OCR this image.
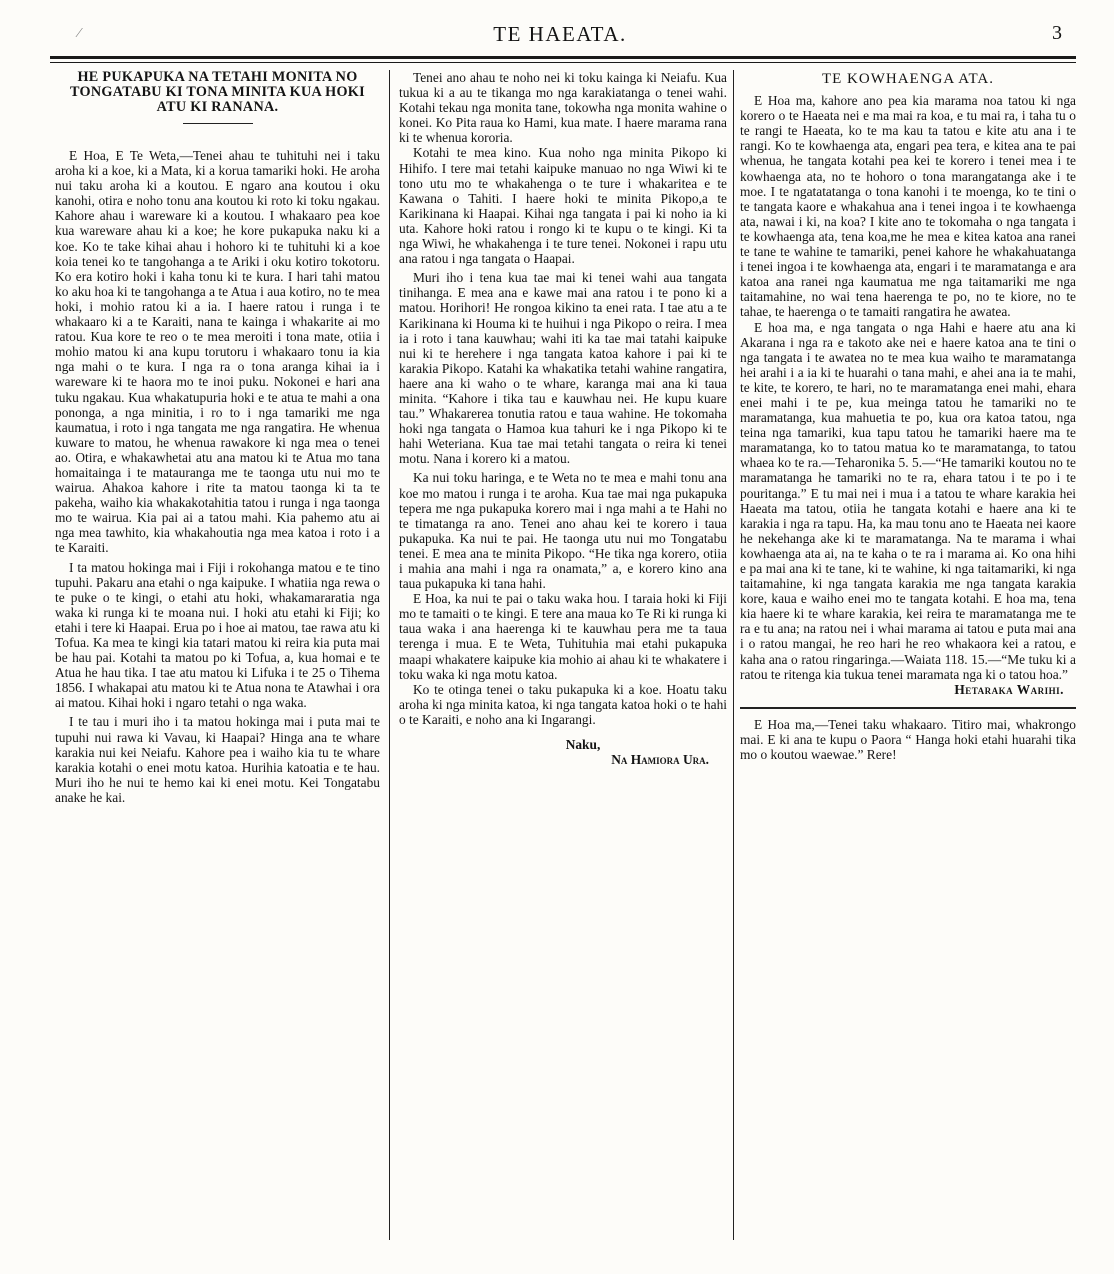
⁄	TE HAEATA.	3
HE PUKAPUKA NA TETAHI MONITA NO TONGATABU KI TONA MINITA KUA HOKI ATU KI RANANA.

E Hoa, E Te Weta,—Tenei ahau te tuhituhi nei i taku aroha ki a koe, ki a Mata, ki a korua tamariki hoki. He aroha nui taku aroha ki a koutou. E ngaro ana koutou i oku kanohi, otira e noho tonu ana koutou ki roto ki toku ngakau. Kahore ahau i wareware ki a koutou. I whakaaro pea koe kua wareware ahau ki a koe; he kore pukapuka naku ki a koe. Ko te take kihai ahau i hohoro ki te tuhituhi ki a koe koia tenei ko te tangohanga a te Ariki i oku kotiro tokotoru. Ko era kotiro hoki i kaha tonu ki te kura. I hari tahi matou ko aku hoa ki te tangohanga a te Atua i aua kotiro, no te mea hoki, i mohio ratou ki a ia. I haere ratou i runga i te whakaaro ki a te Karaiti, nana te kainga i whakarite ai mo ratou. Kua kore te reo o te mea meroiti i tona mate, otiia i mohio matou ki ana kupu torutoru i whakaaro tonu ia kia nga mahi o te kura. I nga ra o tona aranga kihai ia i wareware ki te haora mo te inoi puku. Nokonei e hari ana tuku ngakau. Kua whakatupuria hoki e te atua te mahi a ona pononga, a nga minitia, i ro to i nga tamariki me nga kaumatua, i roto i nga tangata me nga rangatira. He whenua kuware to matou, he whenua rawakore ki nga mea o tenei ao. Otira, e whakawhetai atu ana matou ki te Atua mo tana homaitainga i te matauranga me te taonga utu nui mo te wairua. Ahakoa kahore i rite ta matou taonga ki ta te pakeha, waiho kia whakakotahitia tatou i runga i nga taonga mo te wairua. Kia pai ai a tatou mahi. Kia pahemo atu ai nga mea tawhito, kia whakahoutia nga mea katoa i roto i a te Karaiti.

I ta matou hokinga mai i Fiji i rokohanga matou e te tino tupuhi. Pakaru ana etahi o nga kaipuke. I whatiia nga rewa o te puke o te kingi, o etahi atu hoki, whakamararatia nga waka ki runga ki te moana nui. I hoki atu etahi ki Fiji; ko etahi i tere ki Haapai. Erua po i hoe ai matou, tae rawa atu ki Tofua. Ka mea te kingi kia tatari matou ki reira kia puta mai be hau pai. Kotahi ta matou po ki Tofua, a, kua homai e te Atua he hau tika. I tae atu matou ki Lifuka i te 25 o Tihema 1856. I whakapai atu matou ki te Atua nona te Atawhai i ora ai matou. Kihai hoki i ngaro tetahi o nga waka.

I te tau i muri iho i ta matou hokinga mai i puta mai te tupuhi nui rawa ki Vavau, ki Haapai? Hinga ana te whare karakia nui kei Neiafu. Kahore pea i waiho kia tu te whare karakia kotahi o enei motu katoa. Hurihia katoatia e te hau. Muri iho he nui te hemo kai ki enei motu. Kei Tongatabu anake he kai.

Tenei ano ahau te noho nei ki toku kainga ki Neiafu. Kua tukua ki a au te tikanga mo nga karakiatanga o tenei wahi. Kotahi tekau nga monita tane, tokowha nga monita wahine o konei. Ko Pita raua ko Hami, kua mate. I haere marama rana ki te whenua kororia.

Kotahi te mea kino. Kua noho nga minita Pikopo ki Hihifo. I tere mai tetahi kaipuke manuao no nga Wiwi ki te tono utu mo te whakahenga o te ture i whakaritea e te Kawana o Tahiti. I haere hoki te minita Pikopo,a te Karikinana ki Haapai. Kihai nga tangata i pai ki noho ia ki uta. Kahore hoki ratou i rongo ki te kupu o te kingi. Ki ta nga Wiwi, he whakahenga i te ture tenei. Nokonei i rapu utu ana ratou i nga tangata o Haapai.

Muri iho i tena kua tae mai ki tenei wahi aua tangata tinihanga. E mea ana e kawe mai ana ratou i te pono ki a matou. Horihori! He rongoa kikino ta enei rata. I tae atu a te Karikinana ki Houma ki te huihui i nga Pikopo o reira. I mea ia i roto i tana kauwhau; wahi iti ka tae mai tatahi kaipuke nui ki te herehere i nga tangata katoa kahore i pai ki te karakia Pikopo. Katahi ka whakatika tetahi wahine rangatira, haere ana ki waho o te whare, karanga mai ana ki taua minita. “Kahore i tika tau e kauwhau nei. He kupu kuare tau.” Whakarerea tonutia ratou e taua wahine. He tokomaha hoki nga tangata o Hamoa kua tahuri ke i nga Pikopo ki te hahi Weteriana. Kua tae mai tetahi tangata o reira ki tenei motu. Nana i korero ki a matou.

Ka nui toku haringa, e te Weta no te mea e mahi tonu ana koe mo matou i runga i te aroha. Kua tae mai nga pukapuka tepera me nga pukapuka korero mai i nga mahi a te Hahi no te timatanga ra ano. Tenei ano ahau kei te korero i taua pukapuka. Ka nui te pai. He taonga utu nui mo Tongatabu tenei. E mea ana te minita Pikopo. “He tika nga korero, otiia i mahia ana mahi i nga ra onamata,” a, e korero kino ana taua pukapuka ki tana hahi.

E Hoa, ka nui te pai o taku waka hou. I taraia hoki ki Fiji mo te tamaiti o te kingi. E tere ana maua ko Te Ri ki runga ki taua waka i ana haerenga ki te kauwhau pera me ta taua terenga i mua. E te Weta, Tuhituhia mai etahi pukapuka maapi whakatere kaipuke kia mohio ai ahau ki te whakatere i toku waka ki nga motu katoa.

Ko te otinga tenei o taku pukapuka ki a koe. Hoatu taku aroha ki nga minita katoa, ki nga tangata katoa hoki o te hahi o te Karaiti, e noho ana ki Ingarangi.

Naku,
Na Hamiora Ura.
TE KOWHAENGA ATA.

E Hoa ma, kahore ano pea kia marama noa tatou ki nga korero o te Haeata nei e ma mai ra koa, e tu mai ra, i taha tu o te rangi te Haeata, ko te ma kau ta tatou e kite atu ana i te rangi. Ko te kowhaenga ata, engari pea tera, e kitea ana te pai whenua, he tangata kotahi pea kei te korero i tenei mea i te kowhaenga ata, no te hohoro o tona marangatanga ake i te moe. I te ngatatatanga o tona kanohi i te moenga, ko te tini o te tangata kaore e whakahua ana i tenei ingoa i te kowhaenga ata, nawai i ki, na koa? I kite ano te tokomaha o nga tangata i te kowhaenga ata, tena koa,me he mea e kitea katoa ana ranei te tane te wahine te tamariki, penei kahore he whakahuatanga i tenei ingoa i te kowhaenga ata, engari i te maramatanga e ara katoa ana ranei nga kaumatua me nga taitamariki me nga taitamahine, no wai tena haerenga te po, no te kiore, no te tahae, te haerenga o te tamaiti rangatira he awatea.

E hoa ma, e nga tangata o nga Hahi e haere atu ana ki Akarana i nga ra e takoto ake nei e haere katoa ana te tini o nga tangata i te awatea no te mea kua waiho te maramatanga hei arahi i a ia ki te huarahi o tana mahi, e ahei ana ia te mahi, te kite, te korero, te hari, no te maramatanga enei mahi, ehara enei mahi i te pe, kua meinga tatou he tamariki no te maramatanga, kua mahuetia te po, kua ora katoa tatou, nga teina nga tamariki, kua tapu tatou he tamariki haere ma te maramatanga, ko to tatou matua ko te maramatanga, to tatou whaea ko te ra.—Teharonika 5. 5.—“He tamariki koutou no te maramatanga he tamariki no te ra, ehara tatou i te po i te pouritanga.” E tu mai nei i mua i a tatou te whare karakia hei Haeata ma tatou, otiia he tangata kotahi e haere ana ki te karakia i nga ra tapu. Ha, ka mau tonu ano te Haeata nei kaore he nekehanga ake ki te maramatanga. Na te marama i whai kowhaenga ata ai, na te kaha o te ra i marama ai. Ko ona hihi e pa mai ana ki te tane, ki te wahine, ki nga taitamariki, ki nga taitamahine, ki nga tangata karakia me nga tangata karakia kore, kaua e waiho enei mo te tangata kotahi. E hoa ma, tena kia haere ki te whare karakia, kei reira te maramatanga me te ra e tu ana; na ratou nei i whai marama ai tatou e puta mai ana i o ratou mangai, he reo hari he reo whakaora kei a ratou, e kaha ana o ratou ringaringa.—Waiata 118. 15.—“Me tuku ki a ratou te ritenga kia tukua tenei maramata nga ki o tatou hoa.”

Hetaraka Warihi.

E Hoa ma,—Tenei taku whakaaro. Titiro mai, whakrongo mai. E ki ana te kupu o Paora “ Hanga hoki etahi huarahi tika mo o koutou waewae.” Rere!
